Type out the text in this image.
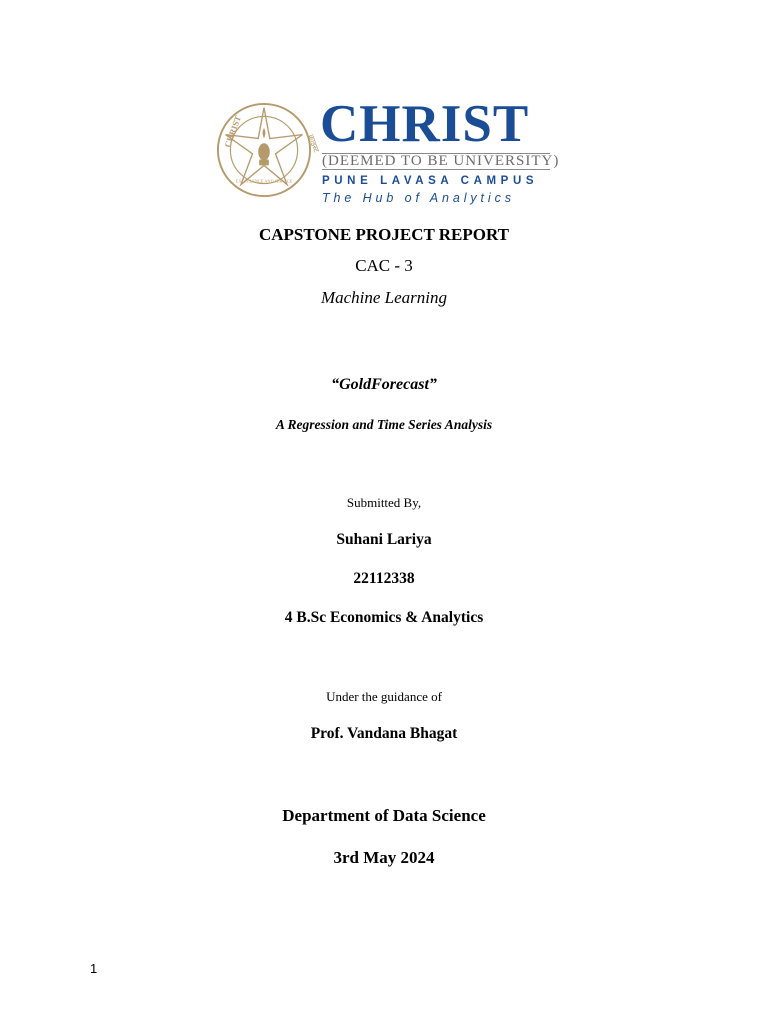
CHRIST	क्राइस्ट
EXCELLENCE AND SERVICE
CHRIST
(DEEMED TO BE UNIVERSITY)
PUNE LAVASA CAMPUS
The Hub of Analytics
CAPSTONE PROJECT REPORT
CAC - 3
Machine Learning
“GoldForecast”
A Regression and Time Series Analysis
Submitted By,
Suhani Lariya
22112338
4 B.Sc Economics & Analytics
Under the guidance of
Prof. Vandana Bhagat
Department of Data Science
3rd May 2024
1
